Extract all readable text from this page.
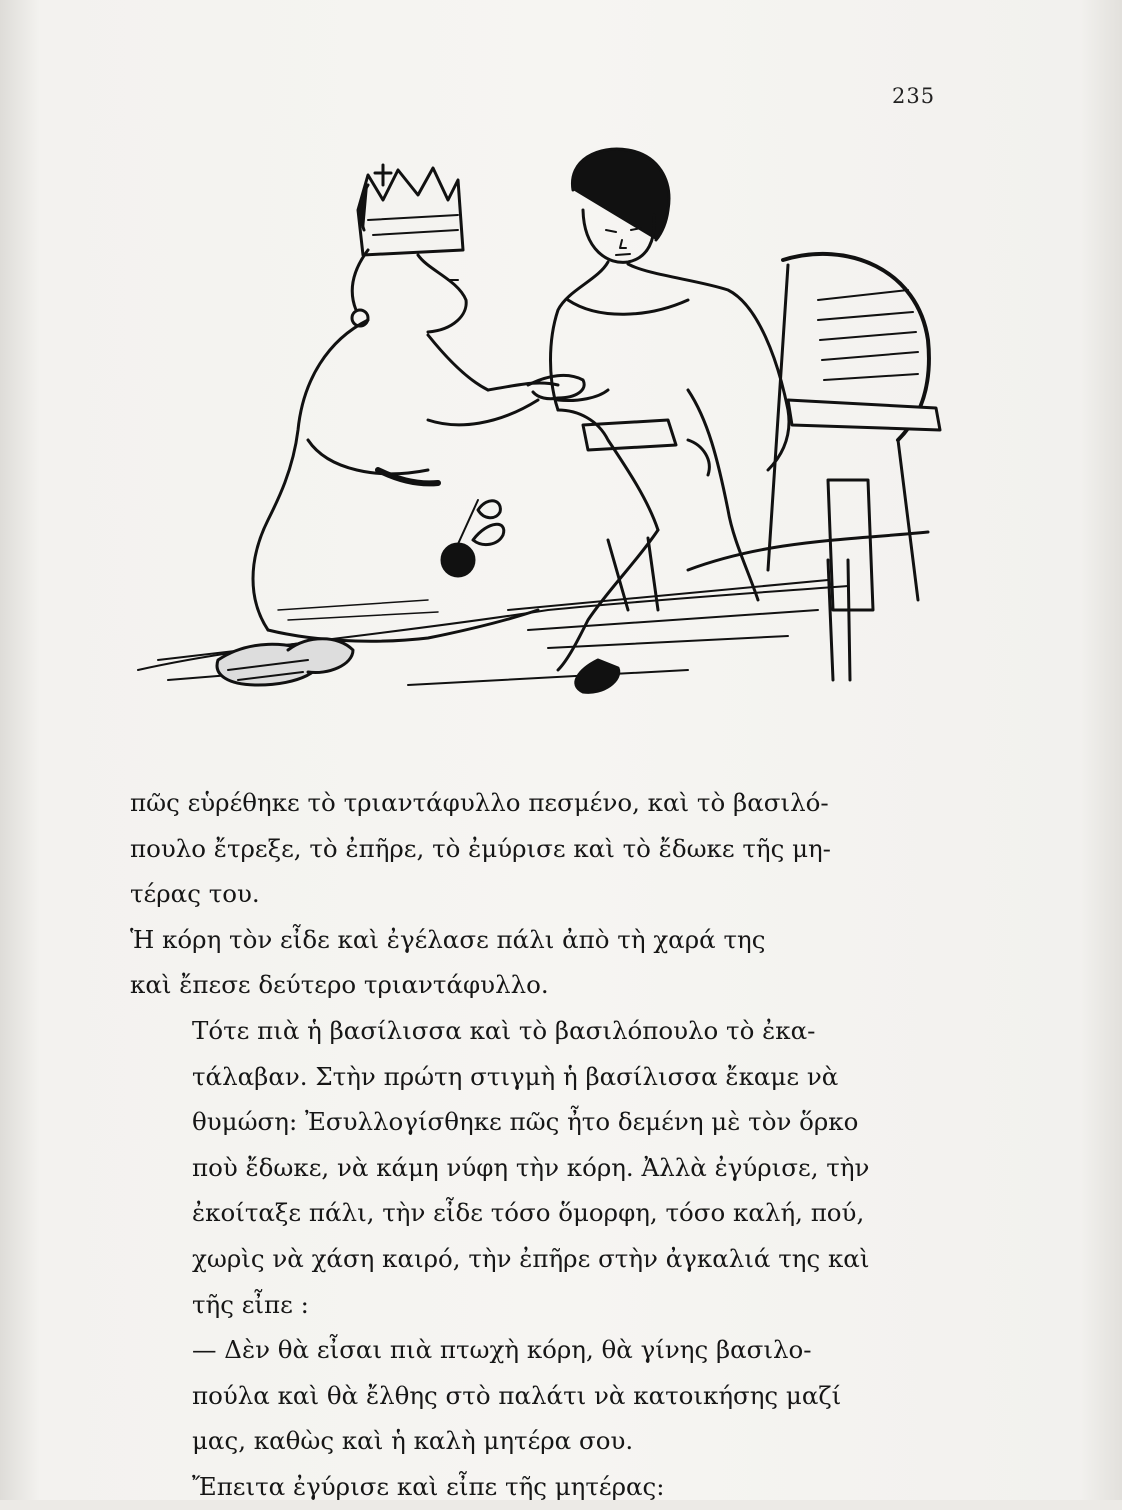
235

πῶς εὑρέθηκε τὸ τριαντάφυλλο πεσμένο, καὶ τὸ βασιλό-
πουλο ἔτρεξε, τὸ ἐπῆρε, τὸ ἐμύρισε καὶ τὸ ἔδωκε τῆς μη-
τέρας του.

Ἡ κόρη τὸν εἶδε καὶ ἐγέλασε πάλι ἀπὸ τὴ χαρά της
καὶ ἔπεσε δεύτερο τριαντάφυλλο.

Τότε πιὰ ἡ βασίλισσα καὶ τὸ βασιλόπουλο τὸ ἐκα-
τάλαβαν. Στὴν πρώτη στιγμὴ ἡ βασίλισσα ἔκαμε νὰ
θυμώση: Ἐσυλλογίσθηκε πῶς ἦτο δεμένη μὲ τὸν ὅρκο
ποὺ ἔδωκε, νὰ κάμη νύφη τὴν κόρη. Ἀλλὰ ἐγύρισε, τὴν
ἐκοίταξε πάλι, τὴν εἶδε τόσο ὅμορφη, τόσο καλή, πού,
χωρὶς νὰ χάση καιρό, τὴν ἐπῆρε στὴν ἀγκαλιά της καὶ
τῆς εἶπε :

— Δὲν θὰ εἶσαι πιὰ πτωχὴ κόρη, θὰ γίνης βασιλο-
πούλα καὶ θὰ ἔλθης στὸ παλάτι νὰ κατοικήσης μαζί
μας, καθὼς καὶ ἡ καλὴ μητέρα σου.

Ἔπειτα ἐγύρισε καὶ εἶπε τῆς μητέρας:
